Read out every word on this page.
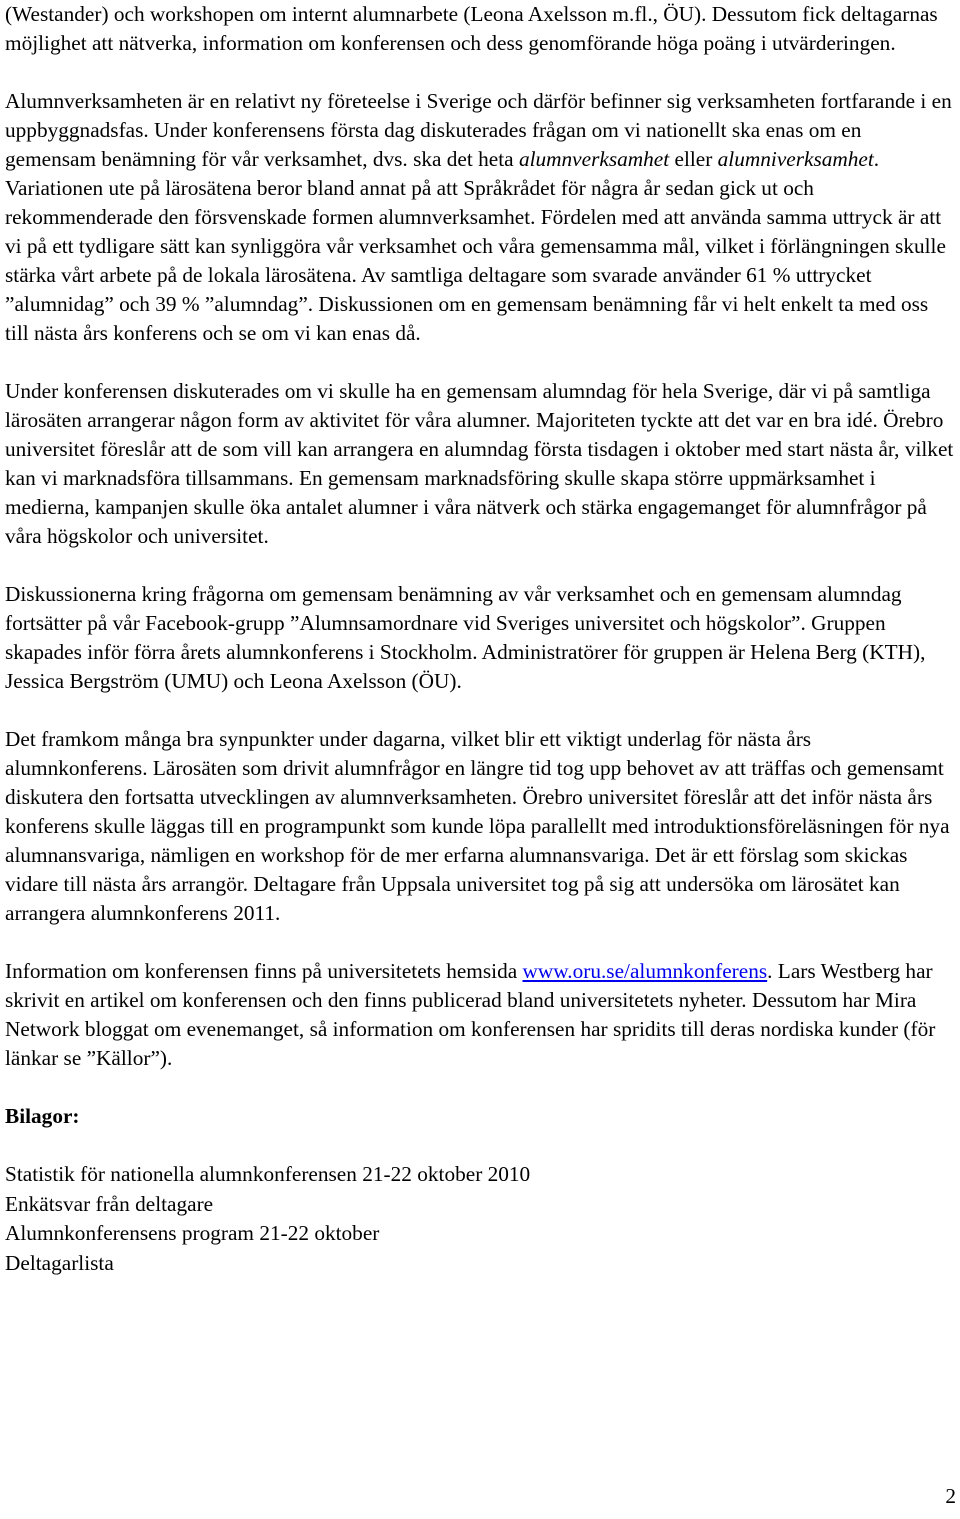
(Westander) och workshopen om internt alumnarbete (Leona Axelsson m.fl., ÖU). Dessutom fick deltagarnas möjlighet att nätverka, information om konferensen och dess genomförande höga poäng i utvärderingen.

Alumnverksamheten är en relativt ny företeelse i Sverige och därför befinner sig verksamheten fortfarande i en uppbyggnadsfas. Under konferensens första dag diskuterades frågan om vi nationellt ska enas om en gemensam benämning för vår verksamhet, dvs. ska det heta alumnverksamhet eller alumniverksamhet. Variationen ute på lärosätena beror bland annat på att Språkrådet för några år sedan gick ut och rekommenderade den försvenskade formen alumnverksamhet. Fördelen med att använda samma uttryck är att vi på ett tydligare sätt kan synliggöra vår verksamhet och våra gemensamma mål, vilket i förlängningen skulle stärka vårt arbete på de lokala lärosätena. Av samtliga deltagare som svarade använder 61 % uttrycket ”alumnidag” och 39 % ”alumndag”. Diskussionen om en gemensam benämning får vi helt enkelt ta med oss till nästa års konferens och se om vi kan enas då.

Under konferensen diskuterades om vi skulle ha en gemensam alumndag för hela Sverige, där vi på samtliga lärosäten arrangerar någon form av aktivitet för våra alumner. Majoriteten tyckte att det var en bra idé. Örebro universitet föreslår att de som vill kan arrangera en alumndag första tisdagen i oktober med start nästa år, vilket kan vi marknadsföra tillsammans. En gemensam marknadsföring skulle skapa större uppmärksamhet i medierna, kampanjen skulle öka antalet alumner i våra nätverk och stärka engagemanget för alumnfrågor på våra högskolor och universitet.

Diskussionerna kring frågorna om gemensam benämning av vår verksamhet och en gemensam alumndag fortsätter på vår Facebook-grupp ”Alumnsamordnare vid Sveriges universitet och högskolor”. Gruppen skapades inför förra årets alumnkonferens i Stockholm. Administratörer för gruppen är Helena Berg (KTH), Jessica Bergström (UMU) och Leona Axelsson (ÖU).

Det framkom många bra synpunkter under dagarna, vilket blir ett viktigt underlag för nästa års alumnkonferens. Lärosäten som drivit alumnfrågor en längre tid tog upp behovet av att träffas och gemensamt diskutera den fortsatta utvecklingen av alumnverksamheten. Örebro universitet föreslår att det inför nästa års konferens skulle läggas till en programpunkt som kunde löpa parallellt med introduktionsföreläsningen för nya alumnansvariga, nämligen en workshop för de mer erfarna alumnansvariga. Det är ett förslag som skickas vidare till nästa års arrangör. Deltagare från Uppsala universitet tog på sig att undersöka om lärosätet kan arrangera alumnkonferens 2011.

Information om konferensen finns på universitetets hemsida www.oru.se/alumnkonferens. Lars Westberg har skrivit en artikel om konferensen och den finns publicerad bland universitetets nyheter. Dessutom har Mira Network bloggat om evenemanget, så information om konferensen har spridits till deras nordiska kunder (för länkar se ”Källor”).

Bilagor:

Statistik för nationella alumnkonferensen 21-22 oktober 2010

Enkätsvar från deltagare

Alumnkonferensens program 21-22 oktober

Deltagarlista

2
